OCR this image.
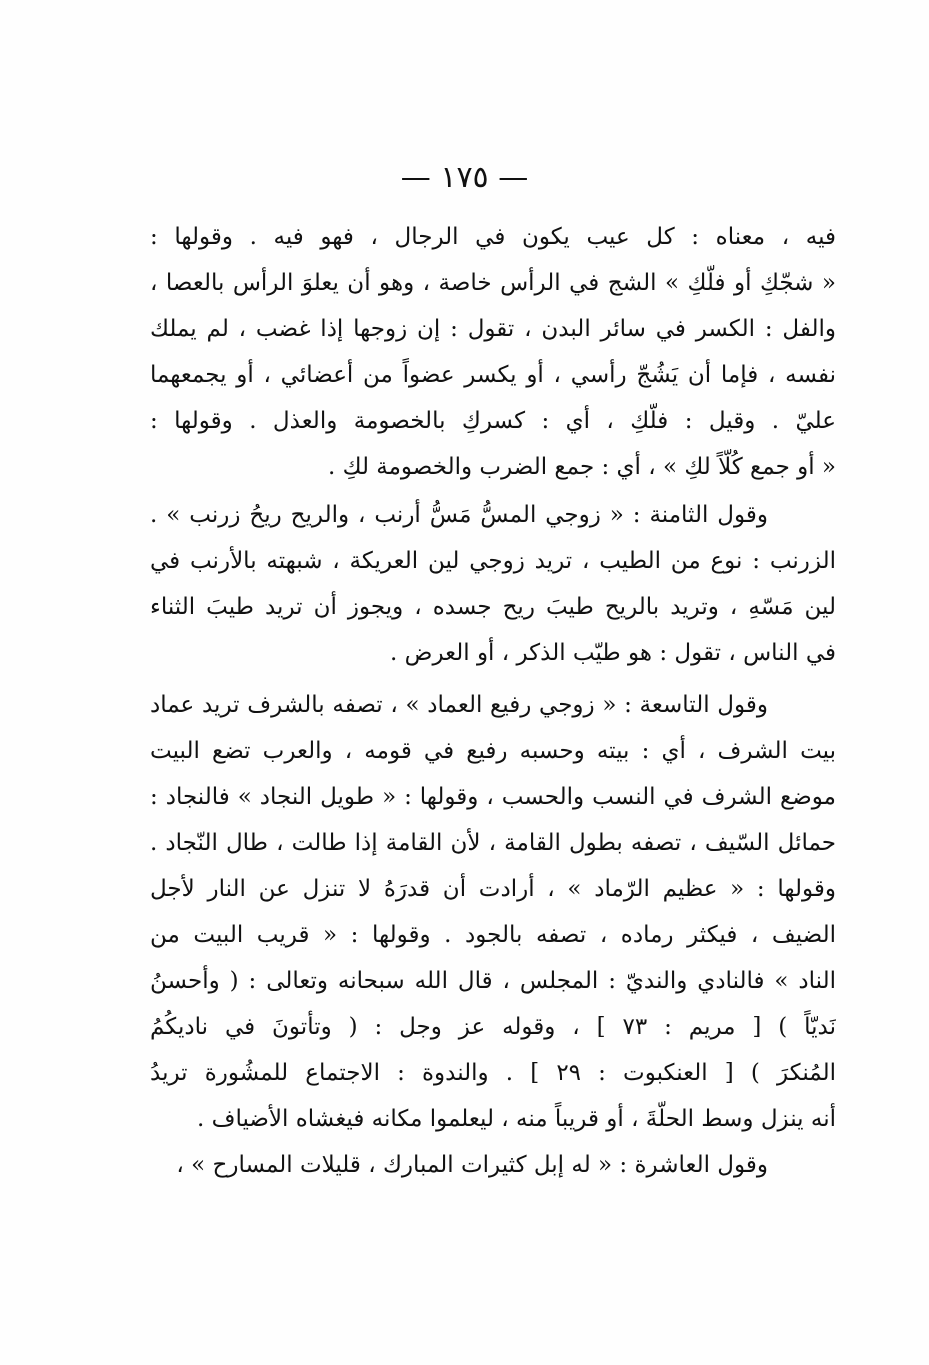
— ١٧٥ —
فيه ، معناه : كل عيب يكون في الرجال ، فهو فيه . وقولها :
« شجّكِ أو فلّكِ » الشج في الرأس خاصة ، وهو أن يعلوَ الرأس بالعصا ،
والفل : الكسر في سائر البدن ، تقول : إن زوجها إذا غضب ، لم يملك
نفسه ، فإما أن يَشُجّ رأسي ، أو يكسر عضواً من أعضائي ، أو يجمعهما
عليّ . وقيل : فلّكِ ، أي : كسركِ بالخصومة والعذل . وقولها :
« أو جمع كُلّاً لكِ » ، أي : جمع الضرب والخصومة لكِ .
وقول الثامنة : « زوجي المسُّ مَسُّ أرنب ، والريح ريحُ زرنب » .
الزرنب : نوع من الطيب ، تريد زوجي لين العريكة ، شبهته بالأرنب في
لين مَسّهِ ، وتريد بالريح طيبَ ريح جسده ، ويجوز أن تريد طيبَ الثناء
في الناس ، تقول : هو طيّب الذكر ، أو العرض .
وقول التاسعة : « زوجي رفيع العماد » ، تصفه بالشرف تريد عماد
بيت الشرف ، أي : بيته وحسبه رفيع في قومه ، والعرب تضع البيت
موضع الشرف في النسب والحسب ، وقولها : « طويل النجاد » فالنجاد :
حمائل السّيف ، تصفه بطول القامة ، لأن القامة إذا طالت ، طال النّجاد .
وقولها : « عظيم الرّماد » ، أرادت أن قدرَهُ لا تنزل عن النار لأجل
الضيف ، فيكثر رماده ، تصفه بالجود . وقولها : « قريب البيت من
الناد » فالنادي والنديّ : المجلس ، قال الله سبحانه وتعالى : ( وأحسنُ
نَديّاً ) [ مريم : ٧٣ ] ، وقوله عز وجل : ( وتأتونَ في ناديكُمُ
المُنكرَ ) [ العنكبوت : ٢٩ ] . والندوة : الاجتماع للمشُورة تريدُ
أنه ينزل وسط الحلّةَ ، أو قريباً منه ، ليعلموا مكانه فيغشاه الأضياف .
وقول العاشرة : « له إبل كثيرات المبارك ، قليلات المسارح » ،
